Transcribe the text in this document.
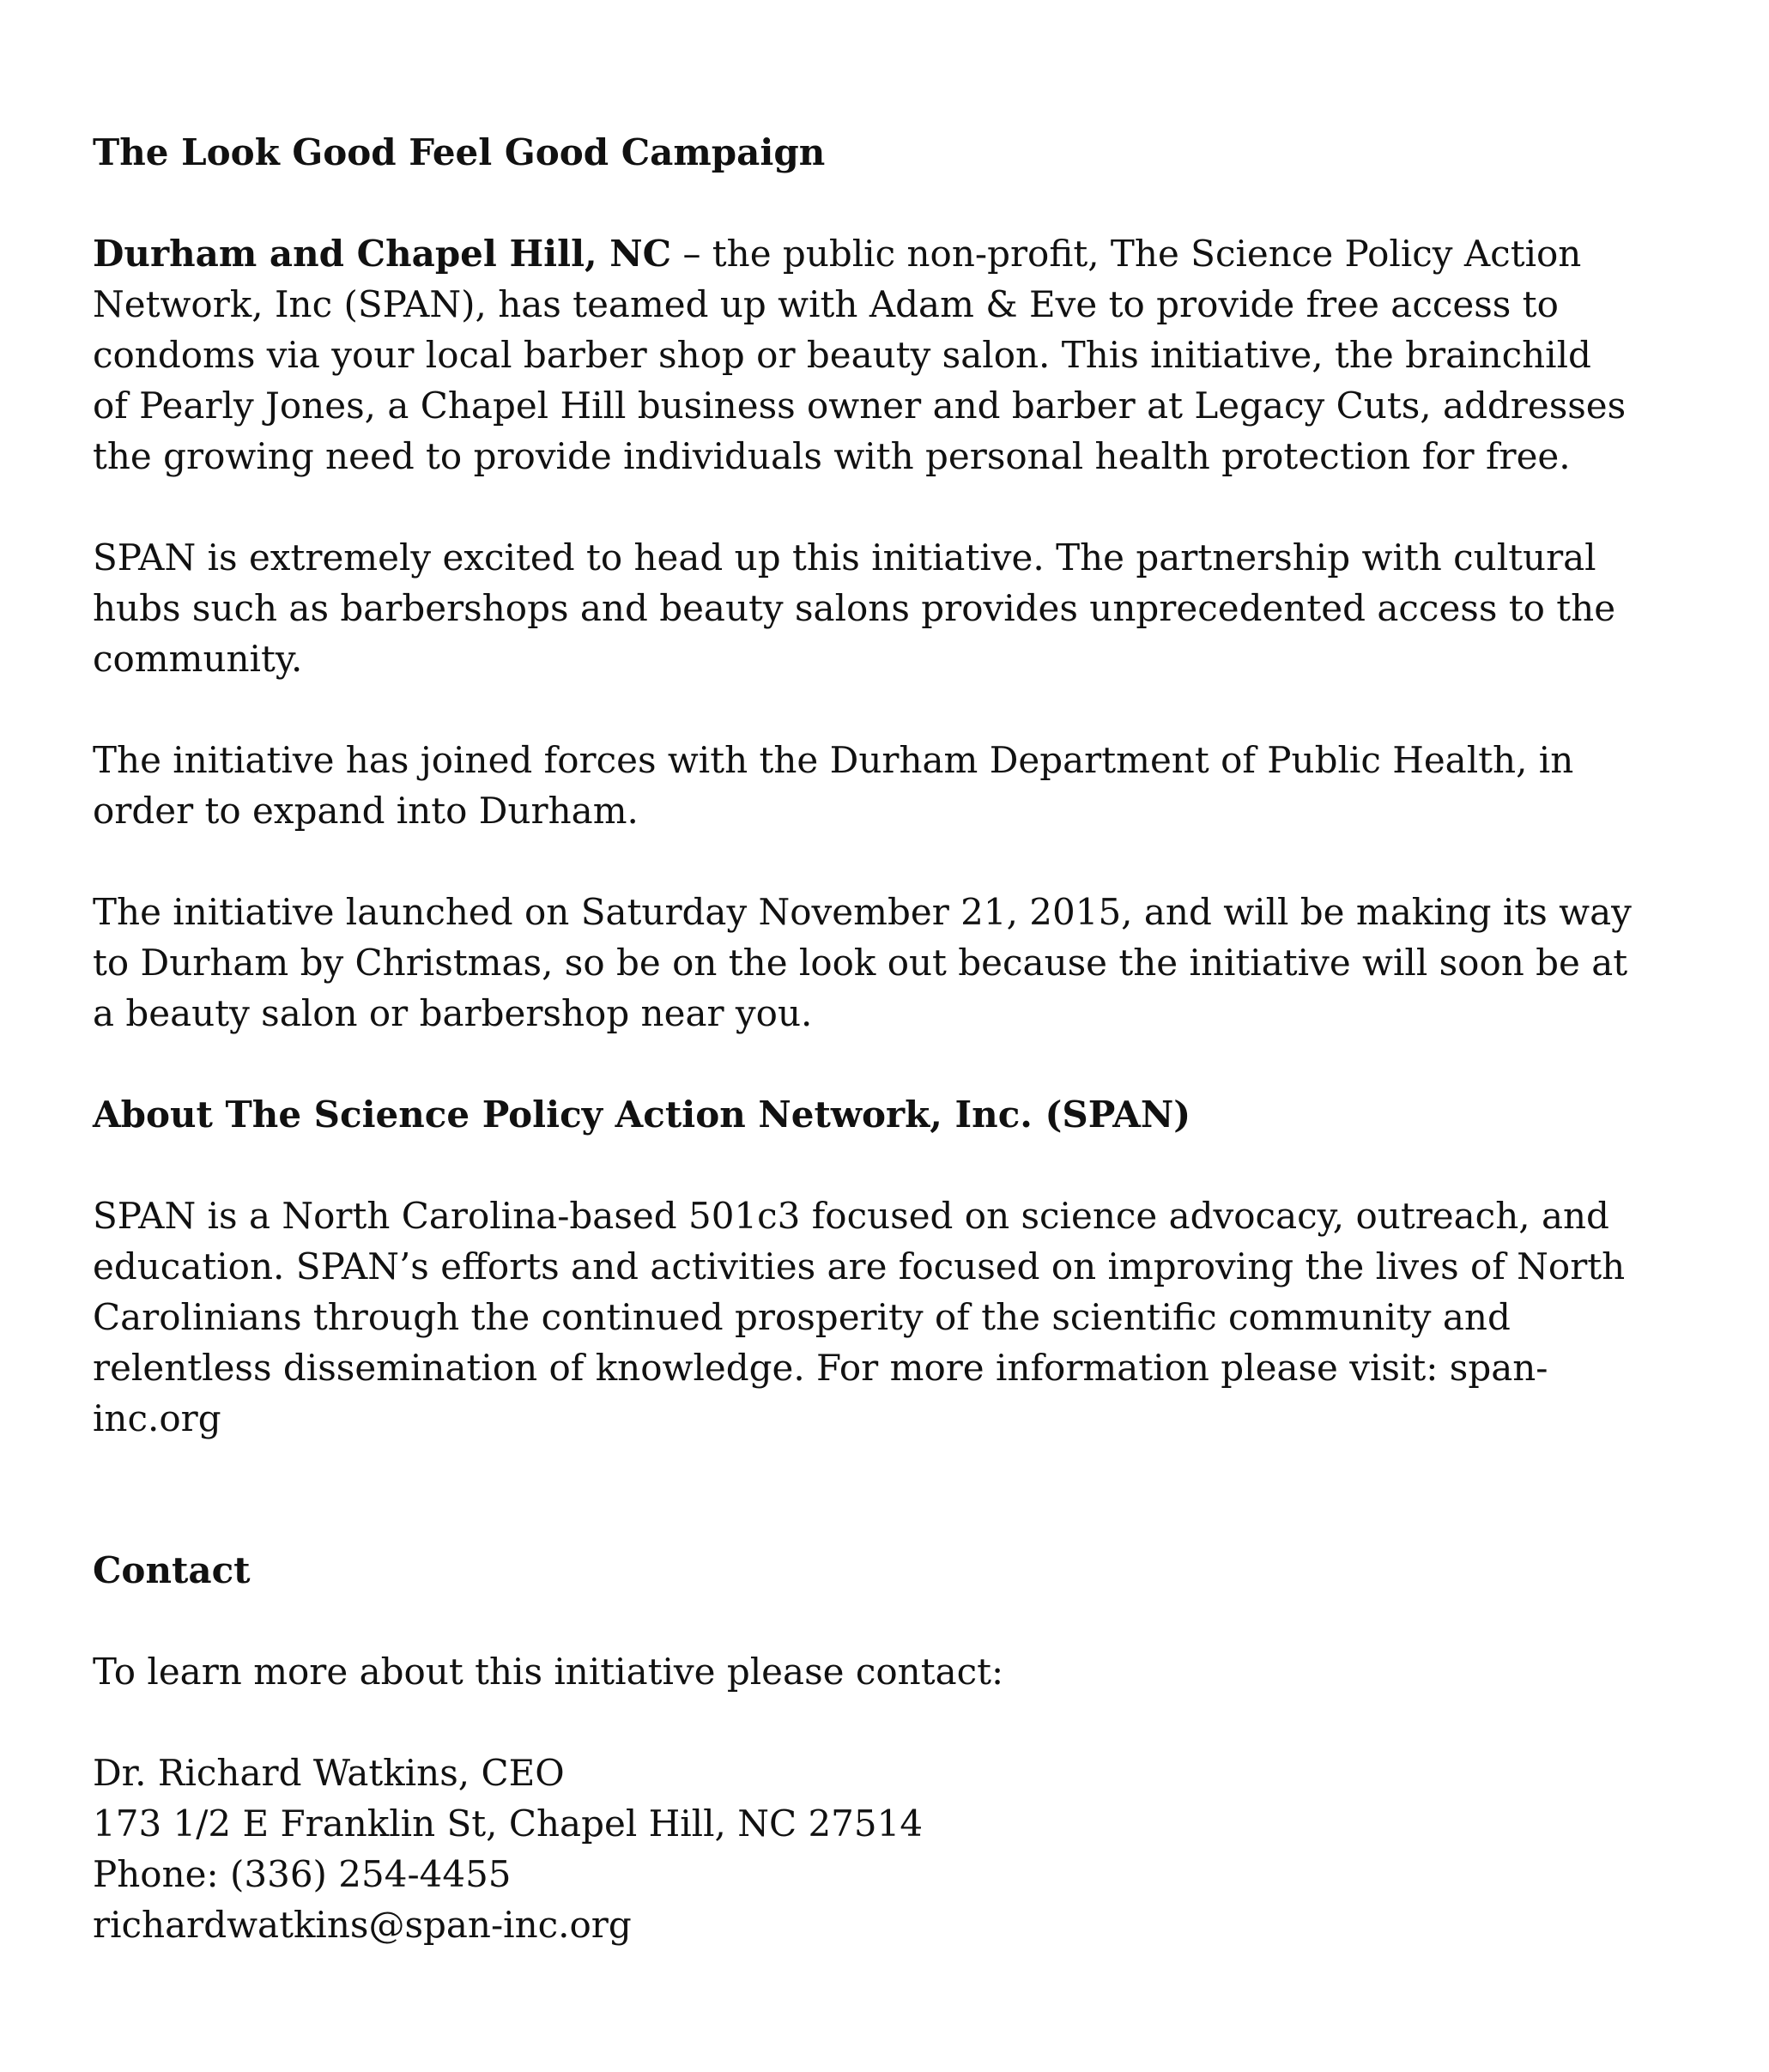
The Look Good Feel Good Campaign
Durham and Chapel Hill, NC – the public non-profit, The Science Policy Action
Network, Inc (SPAN), has teamed up with Adam & Eve to provide free access to
condoms via your local barber shop or beauty salon. This initiative, the brainchild
of Pearly Jones, a Chapel Hill business owner and barber at Legacy Cuts, addresses
the growing need to provide individuals with personal health protection for free.
SPAN is extremely excited to head up this initiative. The partnership with cultural
hubs such as barbershops and beauty salons provides unprecedented access to the
community.
The initiative has joined forces with the Durham Department of Public Health, in
order to expand into Durham.
The initiative launched on Saturday November 21, 2015, and will be making its way
to Durham by Christmas, so be on the look out because the initiative will soon be at
a beauty salon or barbershop near you.
About The Science Policy Action Network, Inc. (SPAN)
SPAN is a North Carolina-based 501c3 focused on science advocacy, outreach, and
education. SPAN’s efforts and activities are focused on improving the lives of North
Carolinians through the continued prosperity of the scientific community and
relentless dissemination of knowledge. For more information please visit: span-
inc.org
Contact
To learn more about this initiative please contact:
Dr. Richard Watkins, CEO
173 1/2 E Franklin St, Chapel Hill, NC 27514
Phone: (336) 254-4455
richardwatkins@span-inc.org
